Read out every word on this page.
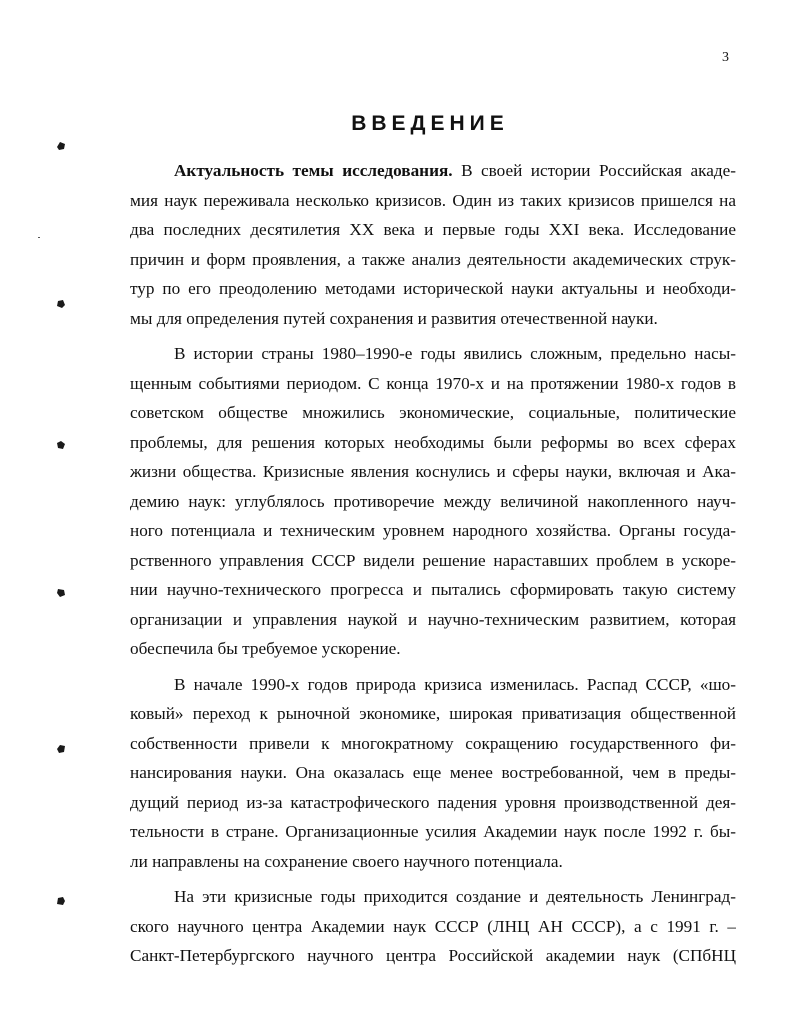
3
ВВЕДЕНИЕ
Актуальность темы исследования. В своей истории Российская акаде-
мия наук переживала несколько кризисов. Один из таких кризисов пришелся на
два последних десятилетия XX века и первые годы XXI века. Исследование
причин и форм проявления, а также анализ деятельности академических струк-
тур по его преодолению методами исторической науки актуальны и необходи-
мы для определения путей сохранения и развития отечественной науки.
В истории страны 1980–1990-е годы явились сложным, предельно насы-
щенным событиями периодом. С конца 1970-х и на протяжении 1980-х годов в
советском обществе множились экономические, социальные, политические
проблемы, для решения которых необходимы были реформы во всех сферах
жизни общества. Кризисные явления коснулись и сферы науки, включая и Ака-
демию наук: углублялось противоречие между величиной накопленного науч-
ного потенциала и техническим уровнем народного хозяйства. Органы госуда-
рственного управления СССР видели решение нараставших проблем в ускоре-
нии научно-технического прогресса и пытались сформировать такую систему
организации и управления наукой и научно-техническим развитием, которая
обеспечила бы требуемое ускорение.
В начале 1990-х годов природа кризиса изменилась. Распад СССР, «шо-
ковый» переход к рыночной экономике, широкая приватизация общественной
собственности привели к многократному сокращению государственного фи-
нансирования науки. Она оказалась еще менее востребованной, чем в преды-
дущий период из-за катастрофического падения уровня производственной дея-
тельности в стране. Организационные усилия Академии наук после 1992 г. бы-
ли направлены на сохранение своего научного потенциала.
На эти кризисные годы приходится создание и деятельность Ленинград-
ского научного центра Академии наук СССР (ЛНЦ АН СССР), а с 1991 г. –
Санкт-Петербургского научного центра Российской академии наук (СПбНЦ
